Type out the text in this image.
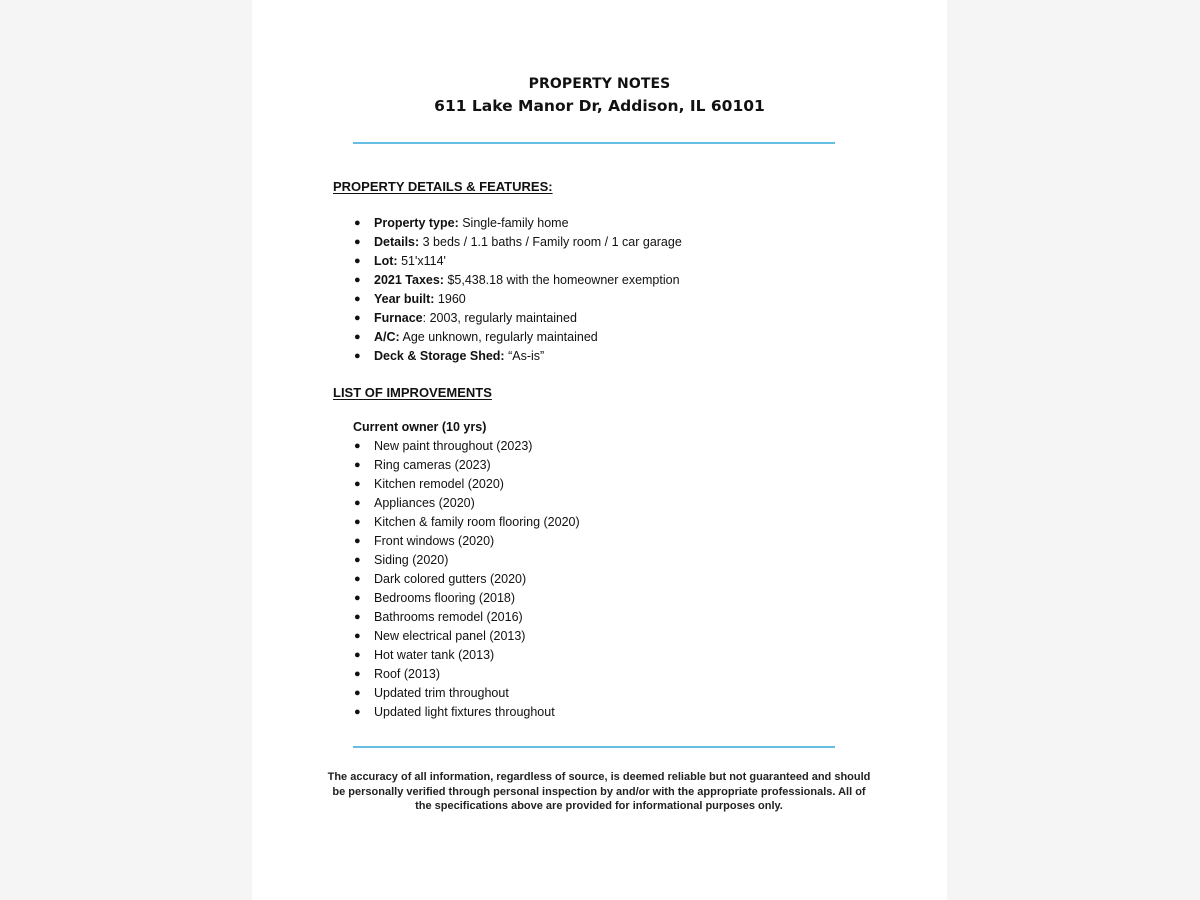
PROPERTY NOTES
611 Lake Manor Dr, Addison, IL 60101
PROPERTY DETAILS & FEATURES:
● Property type: Single-family home
● Details: 3 beds / 1.1 baths / Family room / 1 car garage
● Lot: 51'x114'
● 2021 Taxes: $5,438.18 with the homeowner exemption
● Year built: 1960
● Furnace: 2003, regularly maintained
● A/C: Age unknown, regularly maintained
● Deck & Storage Shed: “As-is”
LIST OF IMPROVEMENTS
Current owner (10 yrs)
● New paint throughout (2023)
● Ring cameras (2023)
● Kitchen remodel (2020)
● Appliances (2020)
● Kitchen & family room flooring (2020)
● Front windows (2020)
● Siding (2020)
● Dark colored gutters (2020)
● Bedrooms flooring (2018)
● Bathrooms remodel (2016)
● New electrical panel (2013)
● Hot water tank (2013)
● Roof (2013)
● Updated trim throughout
● Updated light fixtures throughout
The accuracy of all information, regardless of source, is deemed reliable but not guaranteed and should be personally verified through personal inspection by and/or with the appropriate professionals. All of the specifications above are provided for informational purposes only.
